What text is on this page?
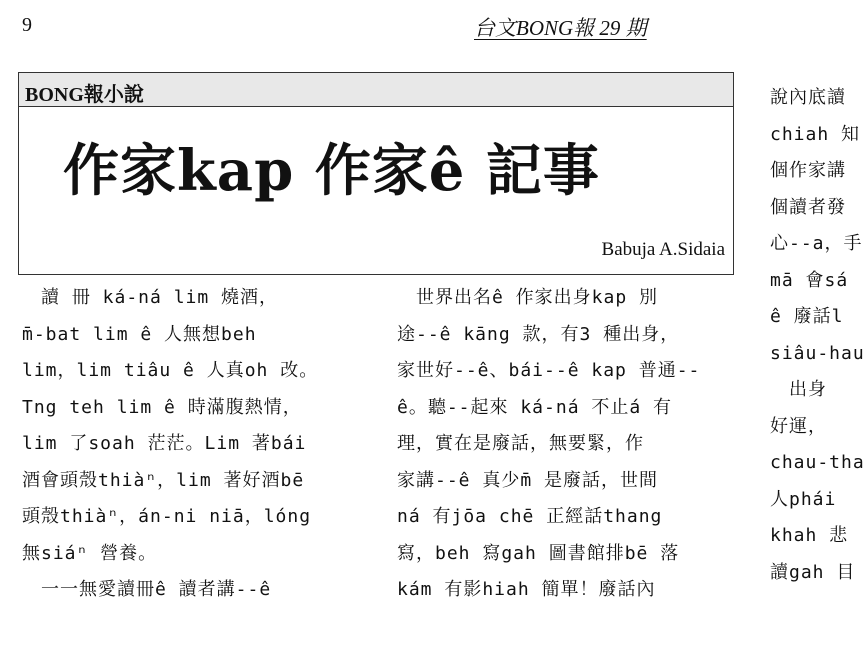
9	台文BONG報 29 期
BONG報小說
作家kap 作家ê 記事
Babuja A.Sidaia

　讀 冊 ká-ná lim 燒酒，

m̄-bat lim ê 人無想beh

lim，lim tiâu ê 人真oh 改。

Tng teh lim ê 時滿腹熱情，

lim 了soah 茫茫。Lim 著bái

酒會頭殼thiàⁿ，lim 著好酒bē

頭殼thiàⁿ，án-ni niā，lóng

無siáⁿ 營養。

　一一無愛讀冊ê 讀者講--ê

　世界出名ê 作家出身kap 別

途--ê kāng 款，有3 種出身，

家世好--ê、bái--ê kap 普通--

ê。聽--起來 ká-ná 不止á 有

理，實在是廢話，無要緊，作

家講--ê 真少m̄ 是廢話，世間

ná 有jōa chē 正經話thang

寫，beh 寫gah 圖書館排bē 落

kám 有影hiah 簡單！廢話內

說內底讀
chiah 知
個作家講
個讀者發
心--a，手
mā 會sá
ê 廢話l
siâu-hau
　出身
好運，
chau-tha
人phái
khah 悲
讀gah 目
